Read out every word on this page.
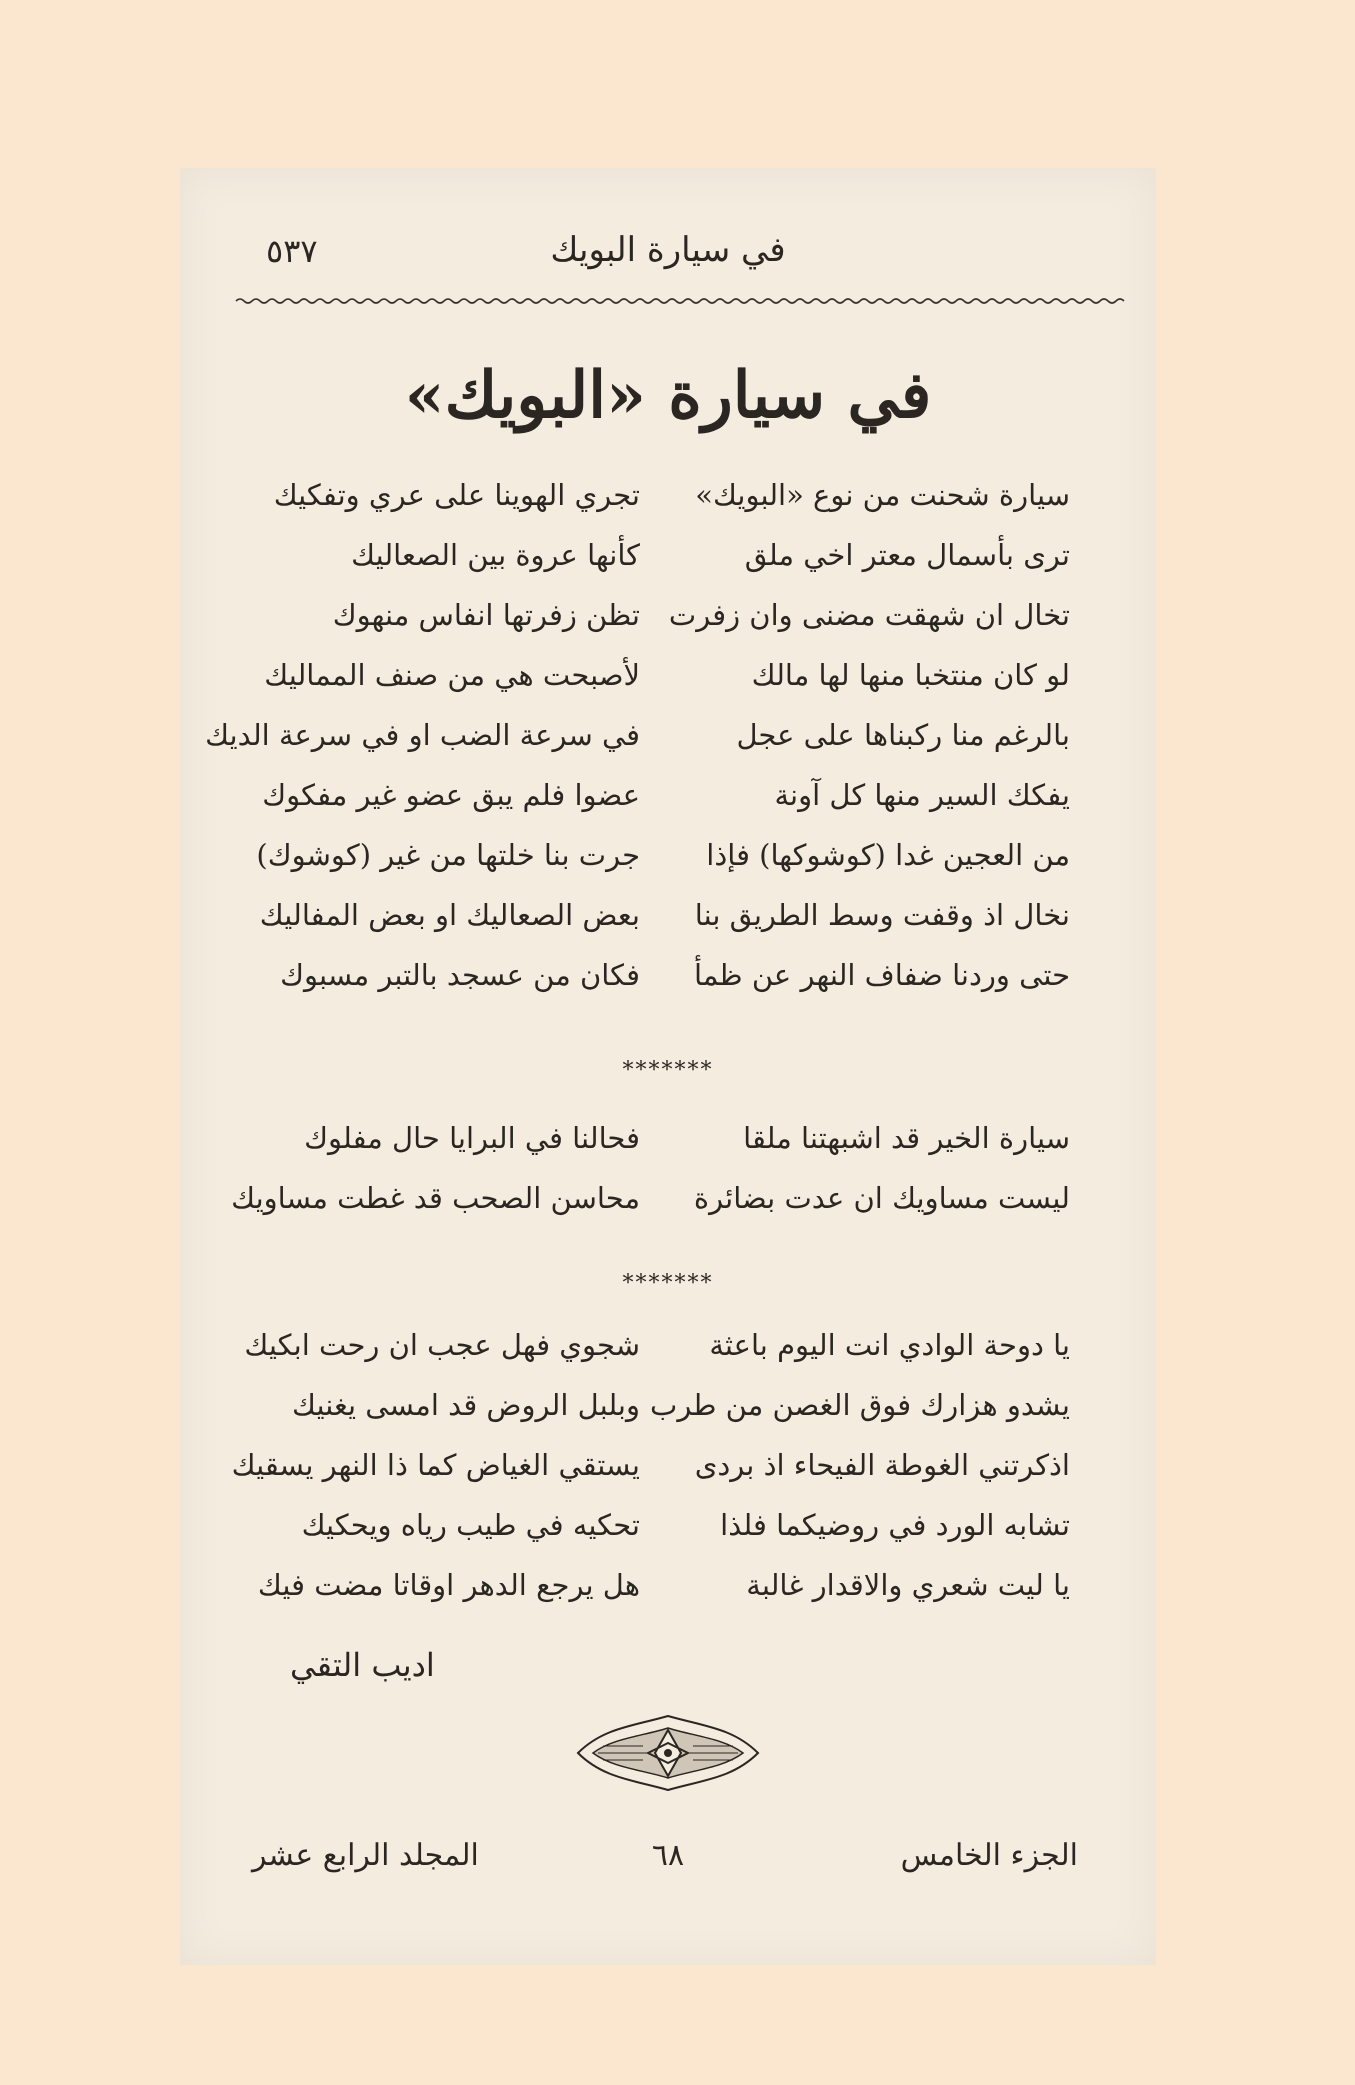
في سيارة البويك
٥٣٧
في سيارة «البويك»
سيارة شحنت من نوع «البويك»
تجري الهوينا على عري وتفكيك
ترى بأسمال معتر اخي ملق
كأنها عروة بين الصعاليك
تخال ان شهقت مضنى وان زفرت
تظن زفرتها انفاس منهوك
لو كان منتخبا منها لها مالك
لأصبحت هي من صنف المماليك
بالرغم منا ركبناها على عجل
في سرعة الضب او في سرعة الديك
يفكك السير منها كل آونة
عضوا فلم يبق عضو غير مفكوك
من العجين غدا (كوشوكها) فإذا
جرت بنا خلتها من غير (كوشوك)
نخال اذ وقفت وسط الطريق بنا
بعض الصعاليك او بعض المفاليك
حتى وردنا ضفاف النهر عن ظمأ
فكان من عسجد بالتبر مسبوك
*******
سيارة الخير قد اشبهتنا ملقا
فحالنا في البرايا حال مفلوك
ليست مساويك ان عدت بضائرة
محاسن الصحب قد غطت مساويك
*******
يا دوحة الوادي انت اليوم باعثة
شجوي فهل عجب ان رحت ابكيك
يشدو هزارك فوق الغصن من طرب
وبلبل الروض قد امسى يغنيك
اذكرتني الغوطة الفيحاء اذ بردى
يستقي الغياض كما ذا النهر يسقيك
تشابه الورد في روضيكما فلذا
تحكيه في طيب رياه ويحكيك
يا ليت شعري والاقدار غالبة
هل يرجع الدهر اوقاتا مضت فيك
اديب التقي
الجزء الخامس
٦٨
المجلد الرابع عشر
